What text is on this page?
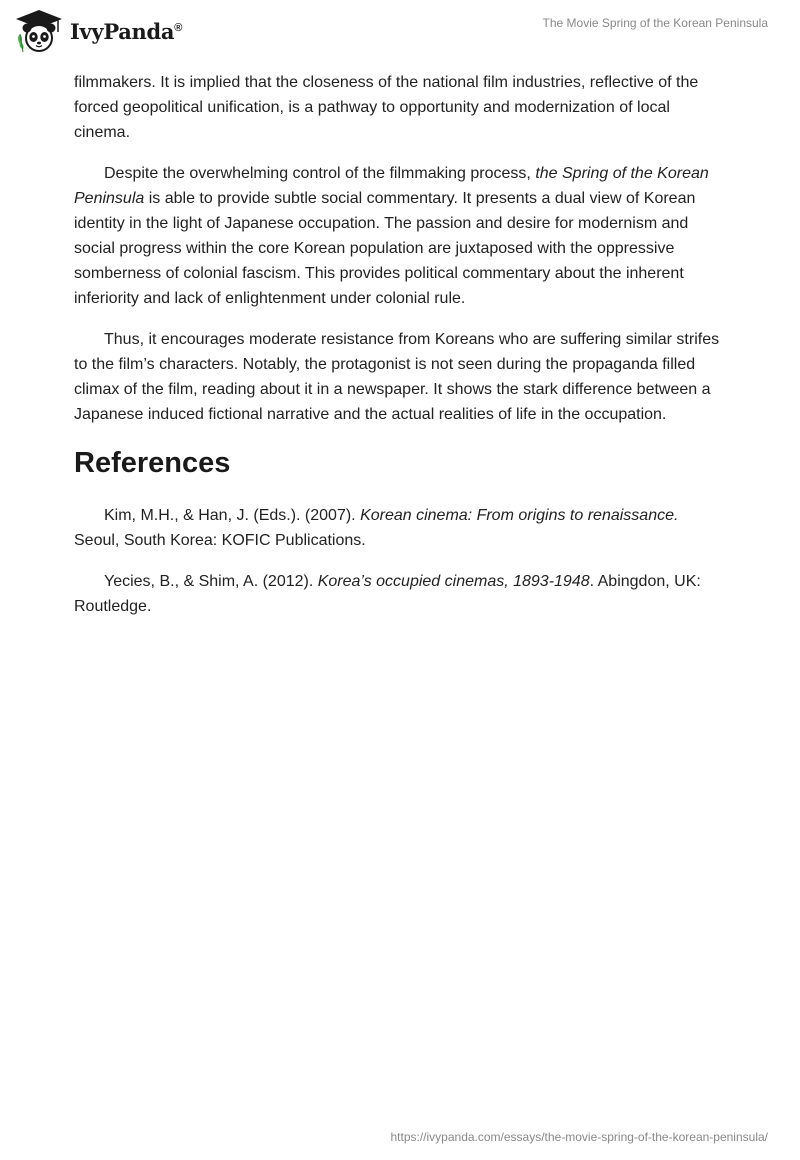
IvyPanda®	The Movie Spring of the Korean Peninsula

filmmakers. It is implied that the closeness of the national film industries, reflective of the forced geopolitical unification, is a pathway to opportunity and modernization of local cinema.

Despite the overwhelming control of the filmmaking process, the Spring of the Korean Peninsula is able to provide subtle social commentary. It presents a dual view of Korean identity in the light of Japanese occupation. The passion and desire for modernism and social progress within the core Korean population are juxtaposed with the oppressive somberness of colonial fascism. This provides political commentary about the inherent inferiority and lack of enlightenment under colonial rule.

Thus, it encourages moderate resistance from Koreans who are suffering similar strifes to the film’s characters. Notably, the protagonist is not seen during the propaganda filled climax of the film, reading about it in a newspaper. It shows the stark difference between a Japanese induced fictional narrative and the actual realities of life in the occupation.

References

Kim, M.H., & Han, J. (Eds.). (2007). Korean cinema: From origins to renaissance. Seoul, South Korea: KOFIC Publications.

Yecies, B., & Shim, A. (2012). Korea’s occupied cinemas, 1893-1948. Abingdon, UK: Routledge.

https://ivypanda.com/essays/the-movie-spring-of-the-korean-peninsula/
